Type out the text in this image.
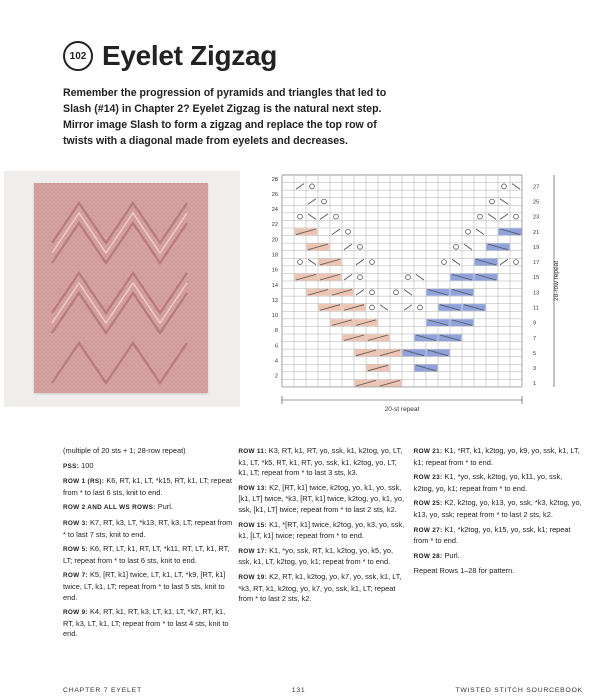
102 Eyelet Zigzag
Remember the progression of pyramids and triangles that led to Slash (#14) in Chapter 2? Eyelet Zigzag is the natural next step. Mirror image Slash to form a zigzag and replace the top row of twists with a diagonal made from eyelets and decreases.
28
26
24
22
20
18
16
14
12
10
8
6
4
2
27
25
23
21
19
17
15
13
11
9
7
5
3
1
20-st repeat
28-row repeat

(multiple of 20 sts + 1; 28-row repeat)

PSS: 100

ROW 1 (RS): K6, RT, k1, LT, *k15, RT, k1, LT; repeat from * to last 6 sts, knit to end.

ROW 2 AND ALL WS ROWS: Purl.

ROW 3: K7, RT, k3, LT, *k13, RT, k3, LT; repeat from * to last 7 sts, knit to end.

ROW 5: K6, RT, LT, k1, RT, LT, *k11, RT, LT, k1, RT, LT; repeat from * to last 6 sts, knit to end.

ROW 7: K5, [RT, k1] twice, LT, k1, LT, *k9, [RT, k1] twice, LT, k1, LT; repeat from * to last 5 sts, knit to end.

ROW 9: K4, RT, k1, RT, k3, LT, k1, LT, *k7, RT, k1, RT, k3, LT, k1, LT; repeat from * to last 4 sts, knit to end.

ROW 11: K3, RT, k1, RT, yo, ssk, k1, k2tog, yo, LT, k1, LT, *k5, RT, k1, RT, yo, ssk, k1, k2tog, yo, LT, k1, LT; repeat from * to last 3 sts, k3.

ROW 13: K2, [RT, k1] twice, k2tog, yo, k1, yo, ssk, [k1, LT] twice, *k3, [RT, k1] twice, k2tog, yo, k1, yo, ssk, [k1, LT] twice; repeat from * to last 2 sts, k2.

ROW 15: K1, *[RT, k1] twice, k2tog, yo, k3, yo, ssk, k1, [LT, k1] twice; repeat from * to end.

ROW 17: K1, *yo, ssk, RT, k1, k2tog, yo, k5, yo, ssk, k1, LT, k2tog, yo, k1; repeat from * to end.

ROW 19: K2, RT, k1, k2tog, yo, k7, yo, ssk, k1, LT, *k3, RT, k1, k2tog, yo, k7, yo, ssk, k1, LT; repeat from * to last 2 sts, k2.

ROW 21: K1, *RT, k1, k2tog, yo, k9, yo, ssk, k1, LT, k1; repeat from * to end.

ROW 23: K1, *yo, ssk, k2tog, yo, k11, yo, ssk, k2tog, yo, k1; repeat from * to end.

ROW 25: K2, k2tog, yo, k13, yo, ssk, *k3, k2tog, yo, k13, yo, ssk; repeat from * to last 2 sts, k2.

ROW 27: K1, *k2tog, yo, k15, yo, ssk, k1; repeat from * to end.

ROW 28: Purl.

Repeat Rows 1–28 for pattern.

CHAPTER 7 EYELET	131	TWISTED STITCH SOURCEBOOK
